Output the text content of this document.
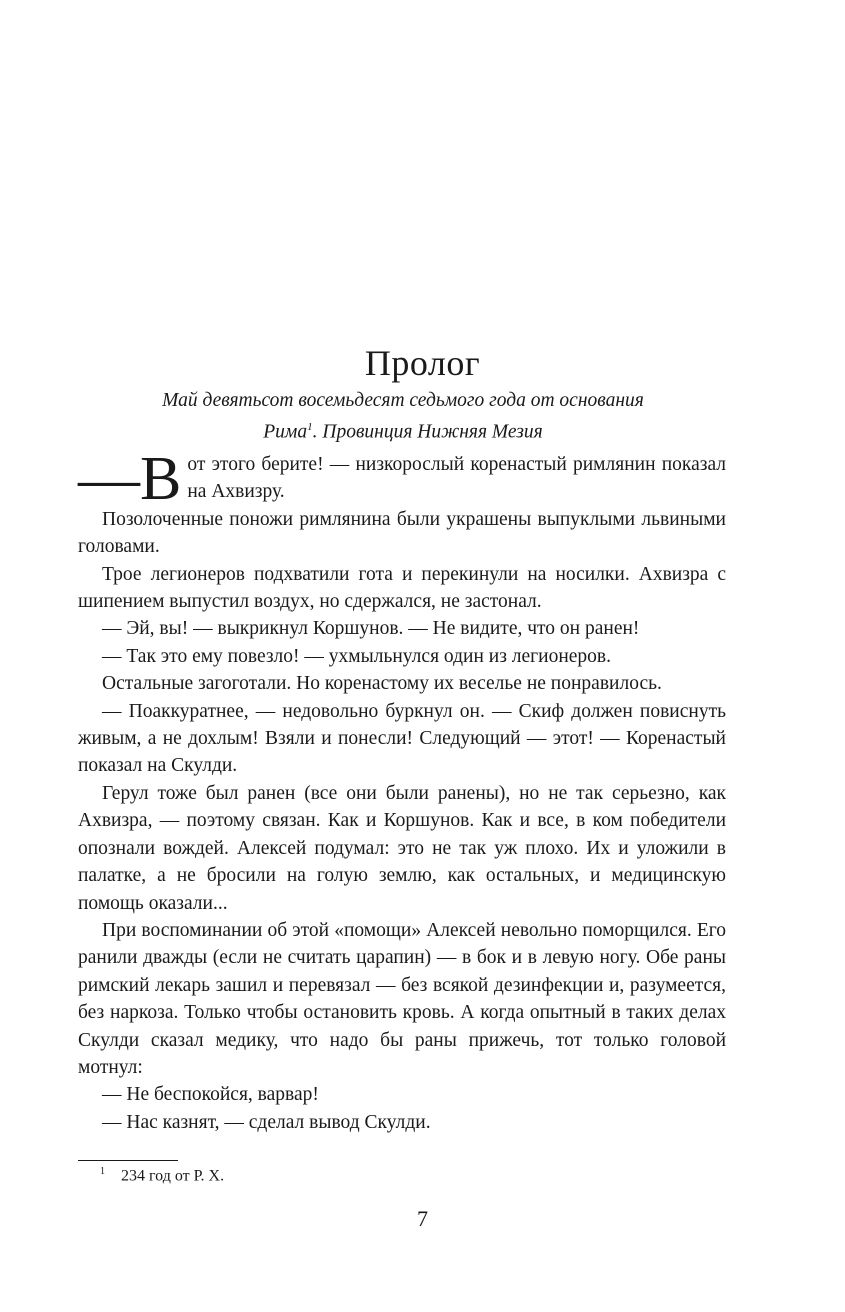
Пролог
Май девятьсот восемьдесят седьмого года от основания
Рима$^1$. Провинция Нижняя Мезия

—В от этого берите! — низкорослый коренастый римлянин показал на Ахвизру.

Позолоченные поножи римлянина были украшены выпуклыми львиными головами.

Трое легионеров подхватили гота и перекинули на носилки. Ахвизра с шипением выпустил воздух, но сдержался, не застонал.

— Эй, вы! — выкрикнул Коршунов. — Не видите, что он ранен!

— Так это ему повезло! — ухмыльнулся один из легионеров.

Остальные загоготали. Но коренастому их веселье не понравилось.

— Поаккуратнее, — недовольно буркнул он. — Скиф должен повиснуть живым, а не дохлым! Взяли и понесли! Следующий — этот! — Коренастый показал на Скулди.

Герул тоже был ранен (все они были ранены), но не так серьезно, как Ахвизра, — поэтому связан. Как и Коршунов. Как и все, в ком победители опознали вождей. Алексей подумал: это не так уж плохо. Их и уложили в палатке, а не бросили на голую землю, как остальных, и медицинскую помощь оказали...

При воспоминании об этой «помощи» Алексей невольно поморщился. Его ранили дважды (если не считать царапин) — в бок и в левую ногу. Обе раны римский лекарь зашил и перевязал — без всякой дезинфекции и, разумеется, без наркоза. Только чтобы остановить кровь. А когда опытный в таких делах Скулди сказал медику, что надо бы раны прижечь, тот только головой мотнул:

— Не беспокойся, варвар!

— Нас казнят, — сделал вывод Скулди.

$^1$ 234 год от Р. Х.
7
